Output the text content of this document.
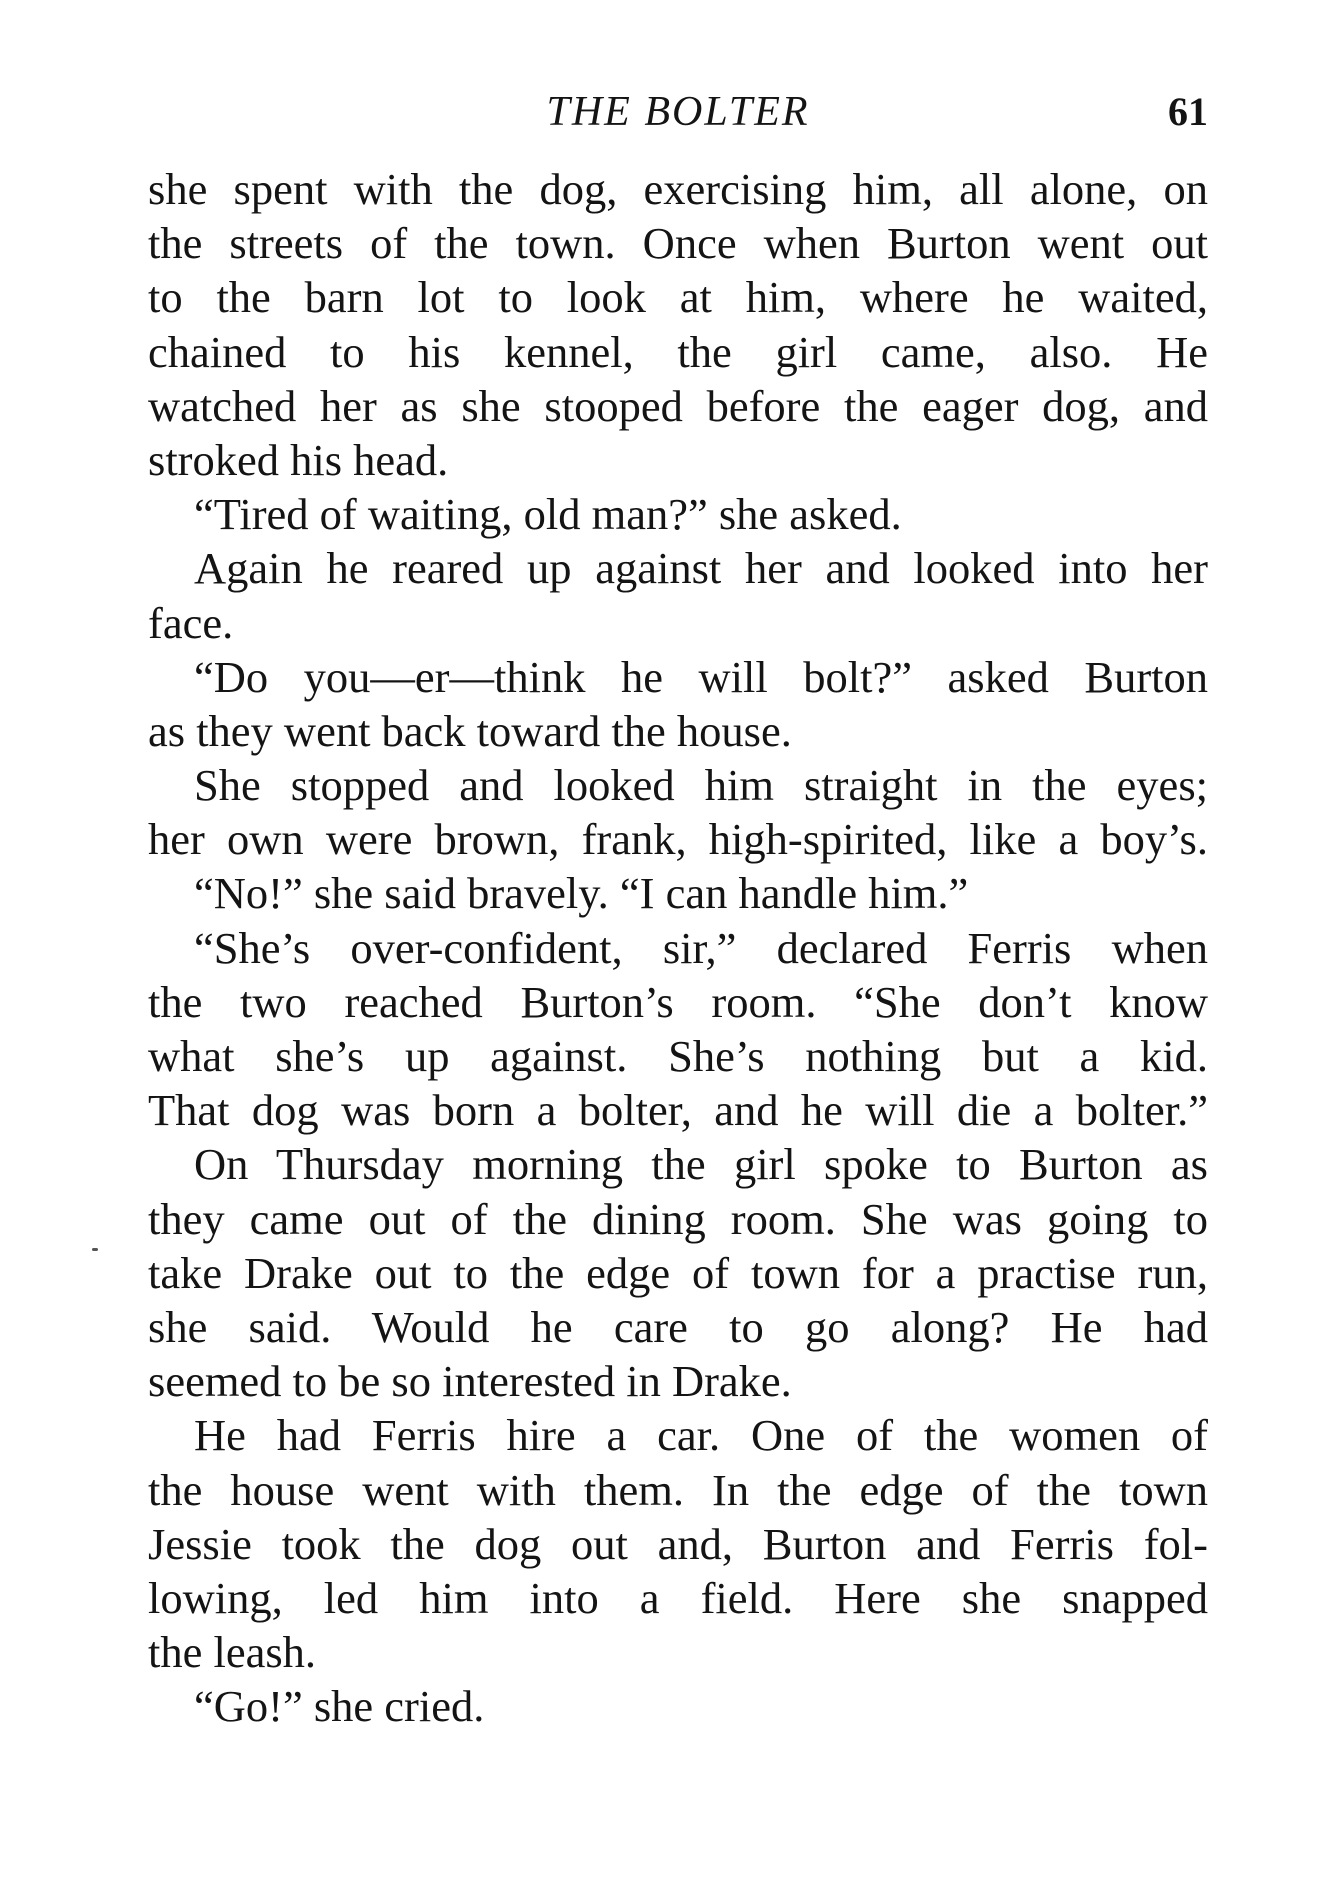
THE BOLTER	61
she spent with the dog, exercising him, all alone, on
the streets of the town. Once when Burton went out
to the barn lot to look at him, where he waited,
chained to his kennel, the girl came, also. He
watched her as she stooped before the eager dog, and
stroked his head.
“Tired of waiting, old man?” she asked.
Again he reared up against her and looked into her
face.
“Do you—er—think he will bolt?” asked Burton
as they went back toward the house.
She stopped and looked him straight in the eyes;
her own were brown, frank, high-spirited, like a boy’s.
“No!” she said bravely. “I can handle him.”
“She’s over-confident, sir,” declared Ferris when
the two reached Burton’s room. “She don’t know
what she’s up against. She’s nothing but a kid.
That dog was born a bolter, and he will die a bolter.”
On Thursday morning the girl spoke to Burton as
they came out of the dining room. She was going to
take Drake out to the edge of town for a practise run,
she said. Would he care to go along? He had
seemed to be so interested in Drake.
He had Ferris hire a car. One of the women of
the house went with them. In the edge of the town
Jessie took the dog out and, Burton and Ferris fol-
lowing, led him into a field. Here she snapped
the leash.
“Go!” she cried.
